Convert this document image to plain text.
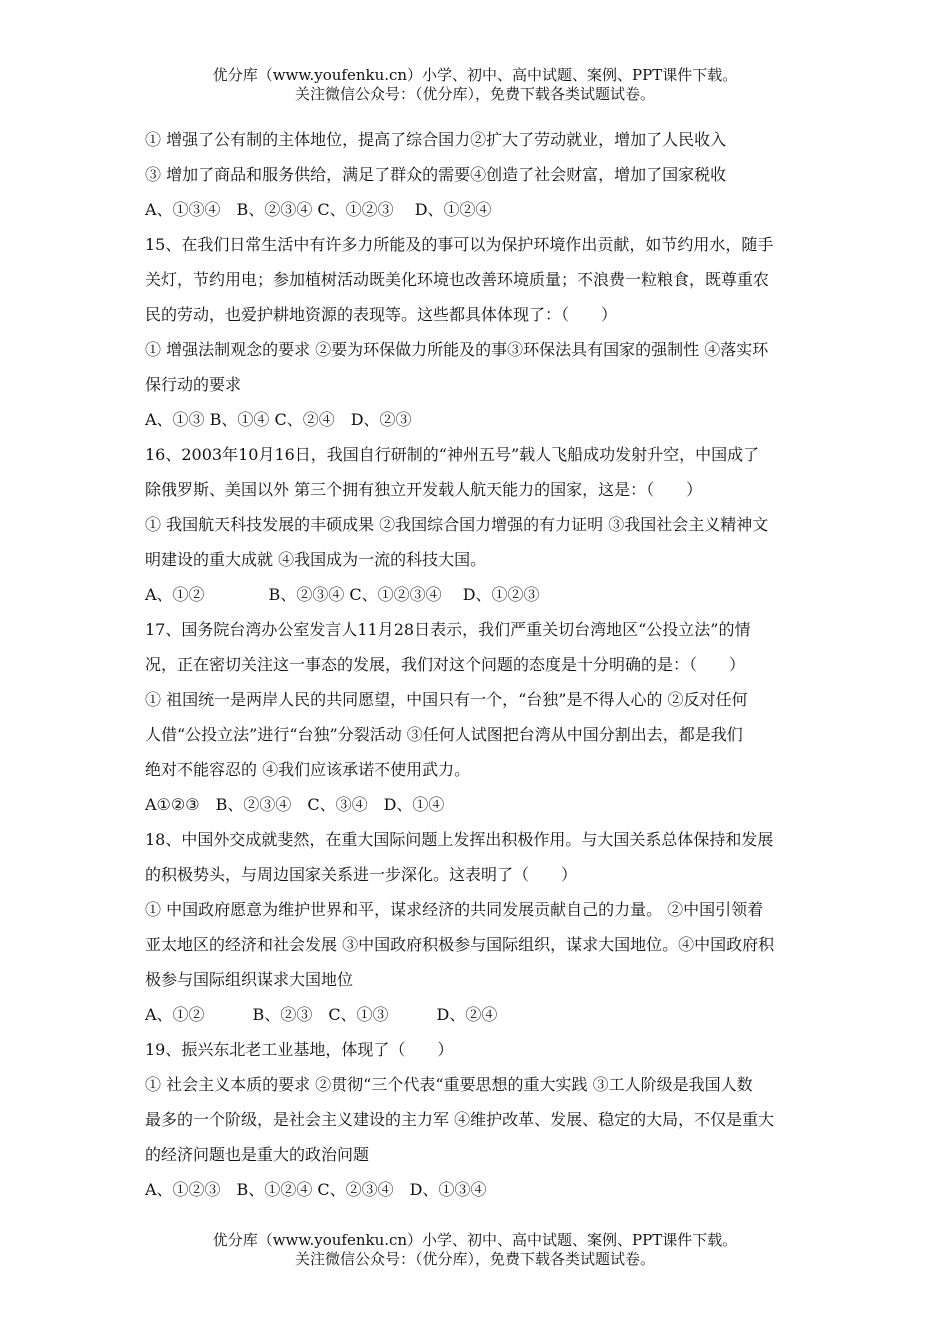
优分库（www.youfenku.cn）小学、初中、高中试题、案例、PPT课件下载。
关注微信公众号：（优分库），免费下载各类试题试卷。
① 增强了公有制的主体地位，提高了综合国力②扩大了劳动就业，增加了人民收入
③ 增加了商品和服务供给，满足了群众的需要④创造了社会财富，增加了国家税收
A、①③④　B、②③④ C、①②③　 D、①②④
15、在我们日常生活中有许多力所能及的事可以为保护环境作出贡献，如节约用水，随手
关灯，节约用电；参加植树活动既美化环境也改善环境质量；不浪费一粒粮食，既尊重农
民的劳动，也爱护耕地资源的表现等。这些都具体体现了：（　　）
① 增强法制观念的要求 ②要为环保做力所能及的事③环保法具有国家的强制性 ④落实环
保行动的要求
A、①③ B、①④ C、②④　D、②③
16、2003年10月16日，我国自行研制的“神州五号”载人飞船成功发射升空，中国成了
除俄罗斯、美国以外 第三个拥有独立开发载人航天能力的国家，这是：（　　）
① 我国航天科技发展的丰硕成果 ②我国综合国力增强的有力证明 ③我国社会主义精神文
明建设的重大成就 ④我国成为一流的科技大国。
A、①②　　　　B、②③④ C、①②③④　 D、①②③
17、国务院台湾办公室发言人11月28日表示，我们严重关切台湾地区“公投立法”的情
况，正在密切关注这一事态的发展，我们对这个问题的态度是十分明确的是：（　　）
① 祖国统一是两岸人民的共同愿望，中国只有一个，“台独”是不得人心的 ②反对任何
人借“公投立法”进行“台独”分裂活动 ③任何人试图把台湾从中国分割出去，都是我们
绝对不能容忍的 ④我们应该承诺不使用武力。
A①②③　B、②③④　C、③④　D、①④
18、中国外交成就斐然，在重大国际问题上发挥出积极作用。与大国关系总体保持和发展
的积极势头，与周边国家关系进一步深化。这表明了（　　）
① 中国政府愿意为维护世界和平，谋求经济的共同发展贡献自己的力量。 ②中国引领着
亚太地区的经济和社会发展 ③中国政府积极参与国际组织，谋求大国地位。④中国政府积
极参与国际组织谋求大国地位
A、①②　　　B、②③　C、①③　　　D、②④
19、振兴东北老工业基地，体现了（　　）
① 社会主义本质的要求 ②贯彻“三个代表“重要思想的重大实践 ③工人阶级是我国人数
最多的一个阶级，是社会主义建设的主力军 ④维护改革、发展、稳定的大局，不仅是重大
的经济问题也是重大的政治问题
A、①②③　B、①②④ C、②③④　D、①③④
优分库（www.youfenku.cn）小学、初中、高中试题、案例、PPT课件下载。
关注微信公众号：（优分库），免费下载各类试题试卷。
